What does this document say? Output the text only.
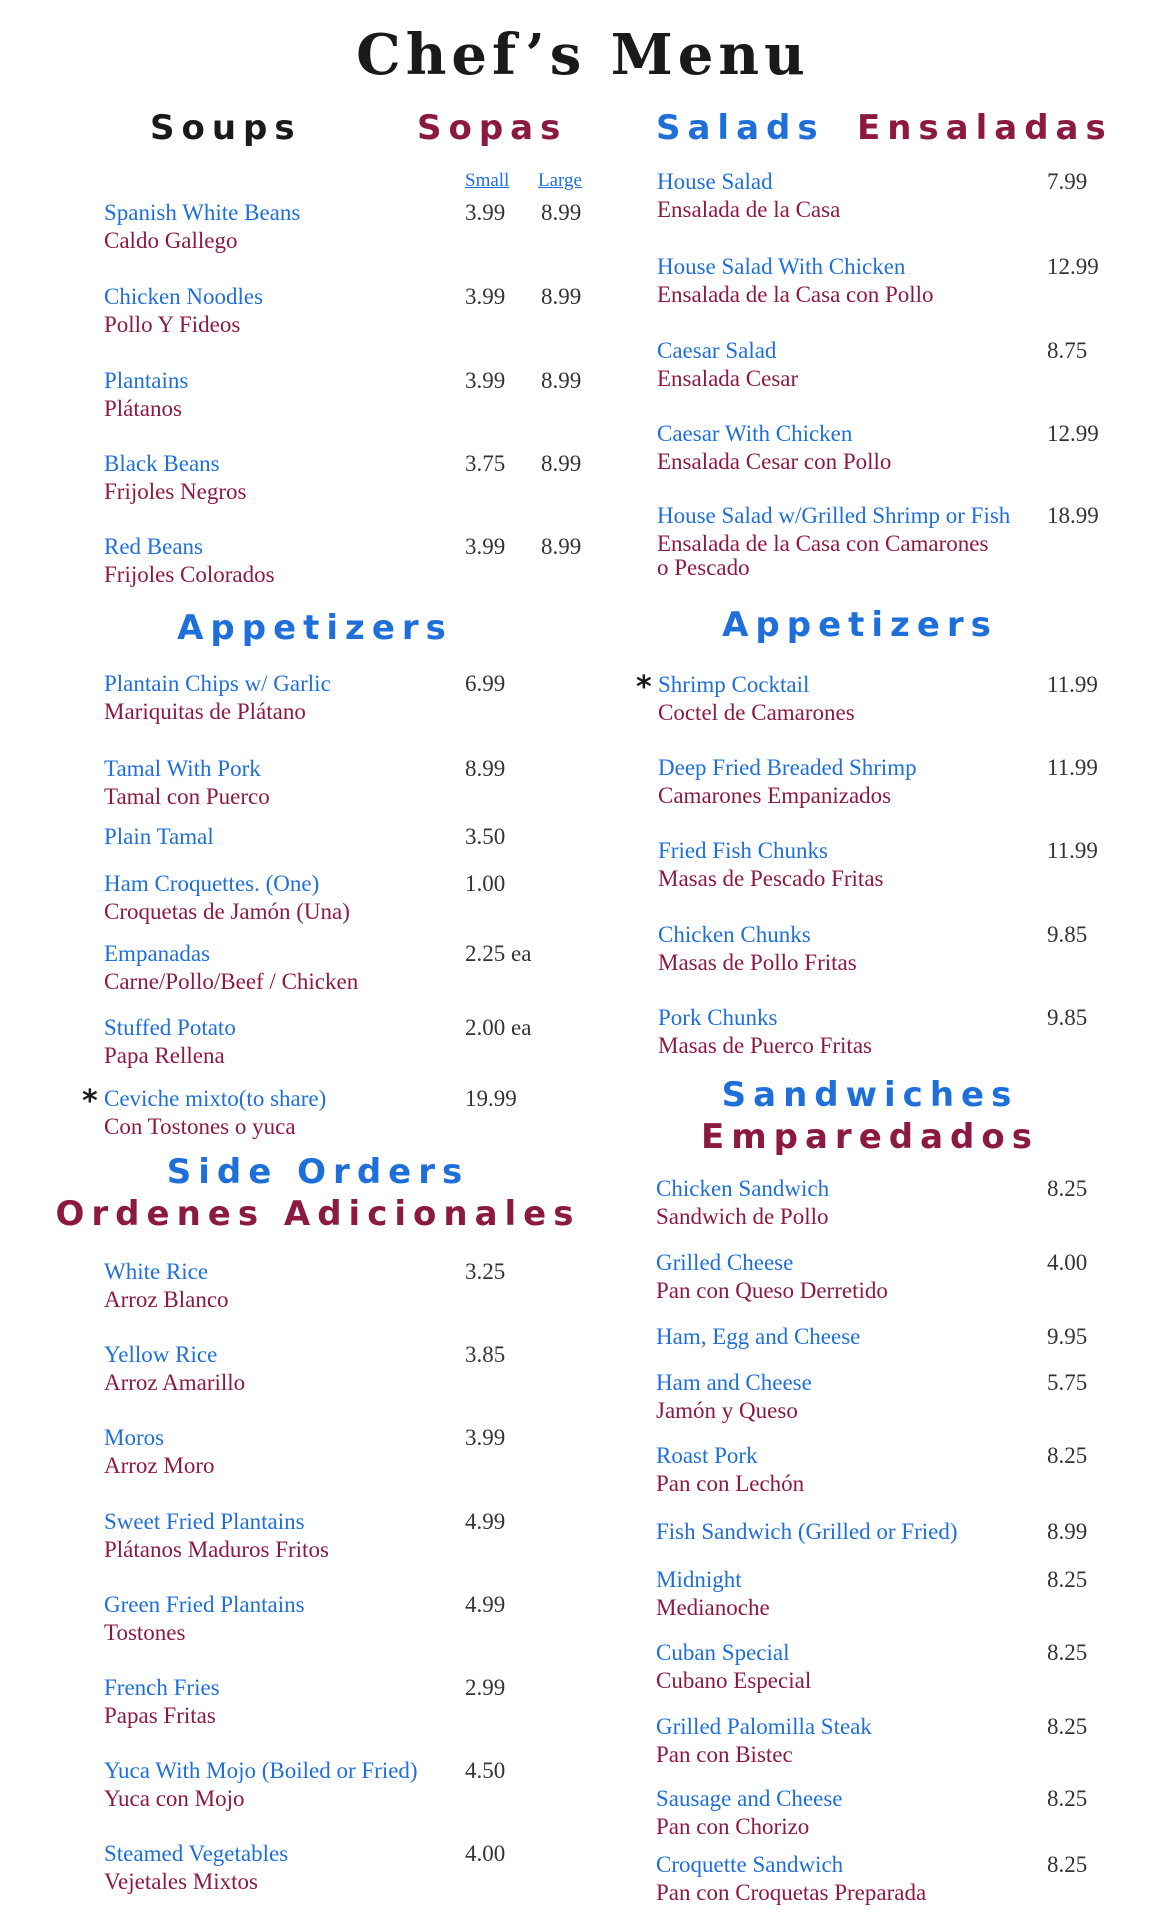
Chef’s Menu
Soups	Sopas	Salads Ensaladas
Small Large
Appetizers	Appetizers
Side Orders
Ordenes Adicionales
Sandwiches
Emparedados
Spanish White Beans
Caldo Gallego
3.99 8.99
Chicken Noodles
Pollo Y Fideos
3.99 8.99
Plantains
Plátanos
3.99 8.99
Black Beans
Frijoles Negros
3.75 8.99
Red Beans
Frijoles Colorados
3.99 8.99
House Salad
Ensalada de la Casa
7.99
House Salad With Chicken
Ensalada de la Casa con Pollo
12.99
Caesar Salad
Ensalada Cesar
8.75
Caesar With Chicken
Ensalada Cesar con Pollo
12.99
House Salad w/Grilled Shrimp or Fish
Ensalada de la Casa con Camarones
o Pescado
18.99
Plantain Chips w/ Garlic
Mariquitas de Plátano
6.99
Tamal With Pork
Tamal con Puerco
8.99
Plain Tamal	3.50
Ham Croquettes. (One)
Croquetas de Jamón (Una)
1.00
Empanadas
Carne/Pollo/Beef / Chicken
2.25 ea
Stuffed Potato
Papa Rellena
2.00 ea
Ceviche mixto(to share)
Con Tostones o yuca
*	19.99
Shrimp Cocktail
Coctel de Camarones
*	11.99
Deep Fried Breaded Shrimp
Camarones Empanizados
11.99
Fried Fish Chunks
Masas de Pescado Fritas
11.99
Chicken Chunks
Masas de Pollo Fritas
9.85
Pork Chunks
Masas de Puerco Fritas
9.85
White Rice
Arroz Blanco
3.25
Yellow Rice
Arroz Amarillo
3.85
Moros
Arroz Moro
3.99
Sweet Fried Plantains
Plátanos Maduros Fritos
4.99
Green Fried Plantains
Tostones
4.99
French Fries
Papas Fritas
2.99
Yuca With Mojo (Boiled or Fried)
Yuca con Mojo
4.50
Steamed Vegetables
Vejetales Mixtos
4.00
Chicken Sandwich
Sandwich de Pollo
8.25
Grilled Cheese
Pan con Queso Derretido
4.00
Ham, Egg and Cheese	9.95
Ham and Cheese
Jamón y Queso
5.75
Roast Pork
Pan con Lechón
8.25
Fish Sandwich (Grilled or Fried)	8.99
Midnight
Medianoche
8.25
Cuban Special
Cubano Especial
8.25
Grilled Palomilla Steak
Pan con Bistec
8.25
Sausage and Cheese
Pan con Chorizo
8.25
Croquette Sandwich
Pan con Croquetas Preparada
8.25
